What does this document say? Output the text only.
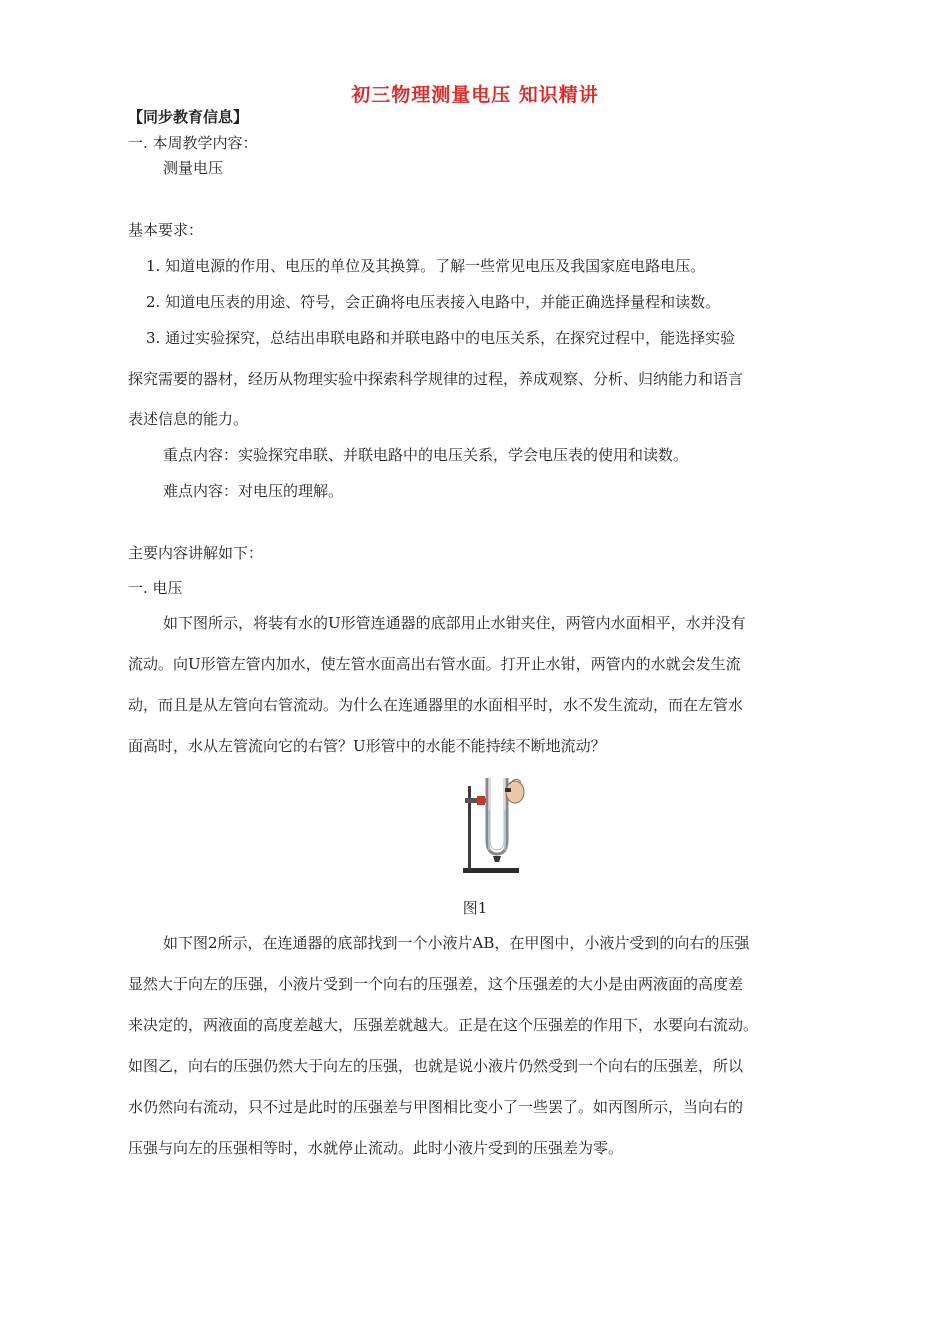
初三物理测量电压 知识精讲
【同步教育信息】
一. 本周教学内容：
测量电压
基本要求：
1. 知道电源的作用、电压的单位及其换算。了解一些常见电压及我国家庭电路电压。
2. 知道电压表的用途、符号，会正确将电压表接入电路中，并能正确选择量程和读数。
3. 通过实验探究，总结出串联电路和并联电路中的电压关系，在探究过程中，能选择实验
探究需要的器材，经历从物理实验中探索科学规律的过程，养成观察、分析、归纳能力和语言
表述信息的能力。
重点内容：实验探究串联、并联电路中的电压关系，学会电压表的使用和读数。
难点内容：对电压的理解。
主要内容讲解如下：
一. 电压
如下图所示，将装有水的U形管连通器的底部用止水钳夹住，两管内水面相平，水并没有
流动。向U形管左管内加水，使左管水面高出右管水面。打开止水钳，两管内的水就会发生流
动，而且是从左管向右管流动。为什么在连通器里的水面相平时，水不发生流动，而在左管水
面高时，水从左管流向它的右管？U形管中的水能不能持续不断地流动？
图1
如下图2所示，在连通器的底部找到一个小液片AB，在甲图中，小液片受到的向右的压强
显然大于向左的压强，小液片受到一个向右的压强差，这个压强差的大小是由两液面的高度差
来决定的，两液面的高度差越大，压强差就越大。正是在这个压强差的作用下，水要向右流动。
如图乙，向右的压强仍然大于向左的压强，也就是说小液片仍然受到一个向右的压强差，所以
水仍然向右流动，只不过是此时的压强差与甲图相比变小了一些罢了。如丙图所示，当向右的
压强与向左的压强相等时，水就停止流动。此时小液片受到的压强差为零。
